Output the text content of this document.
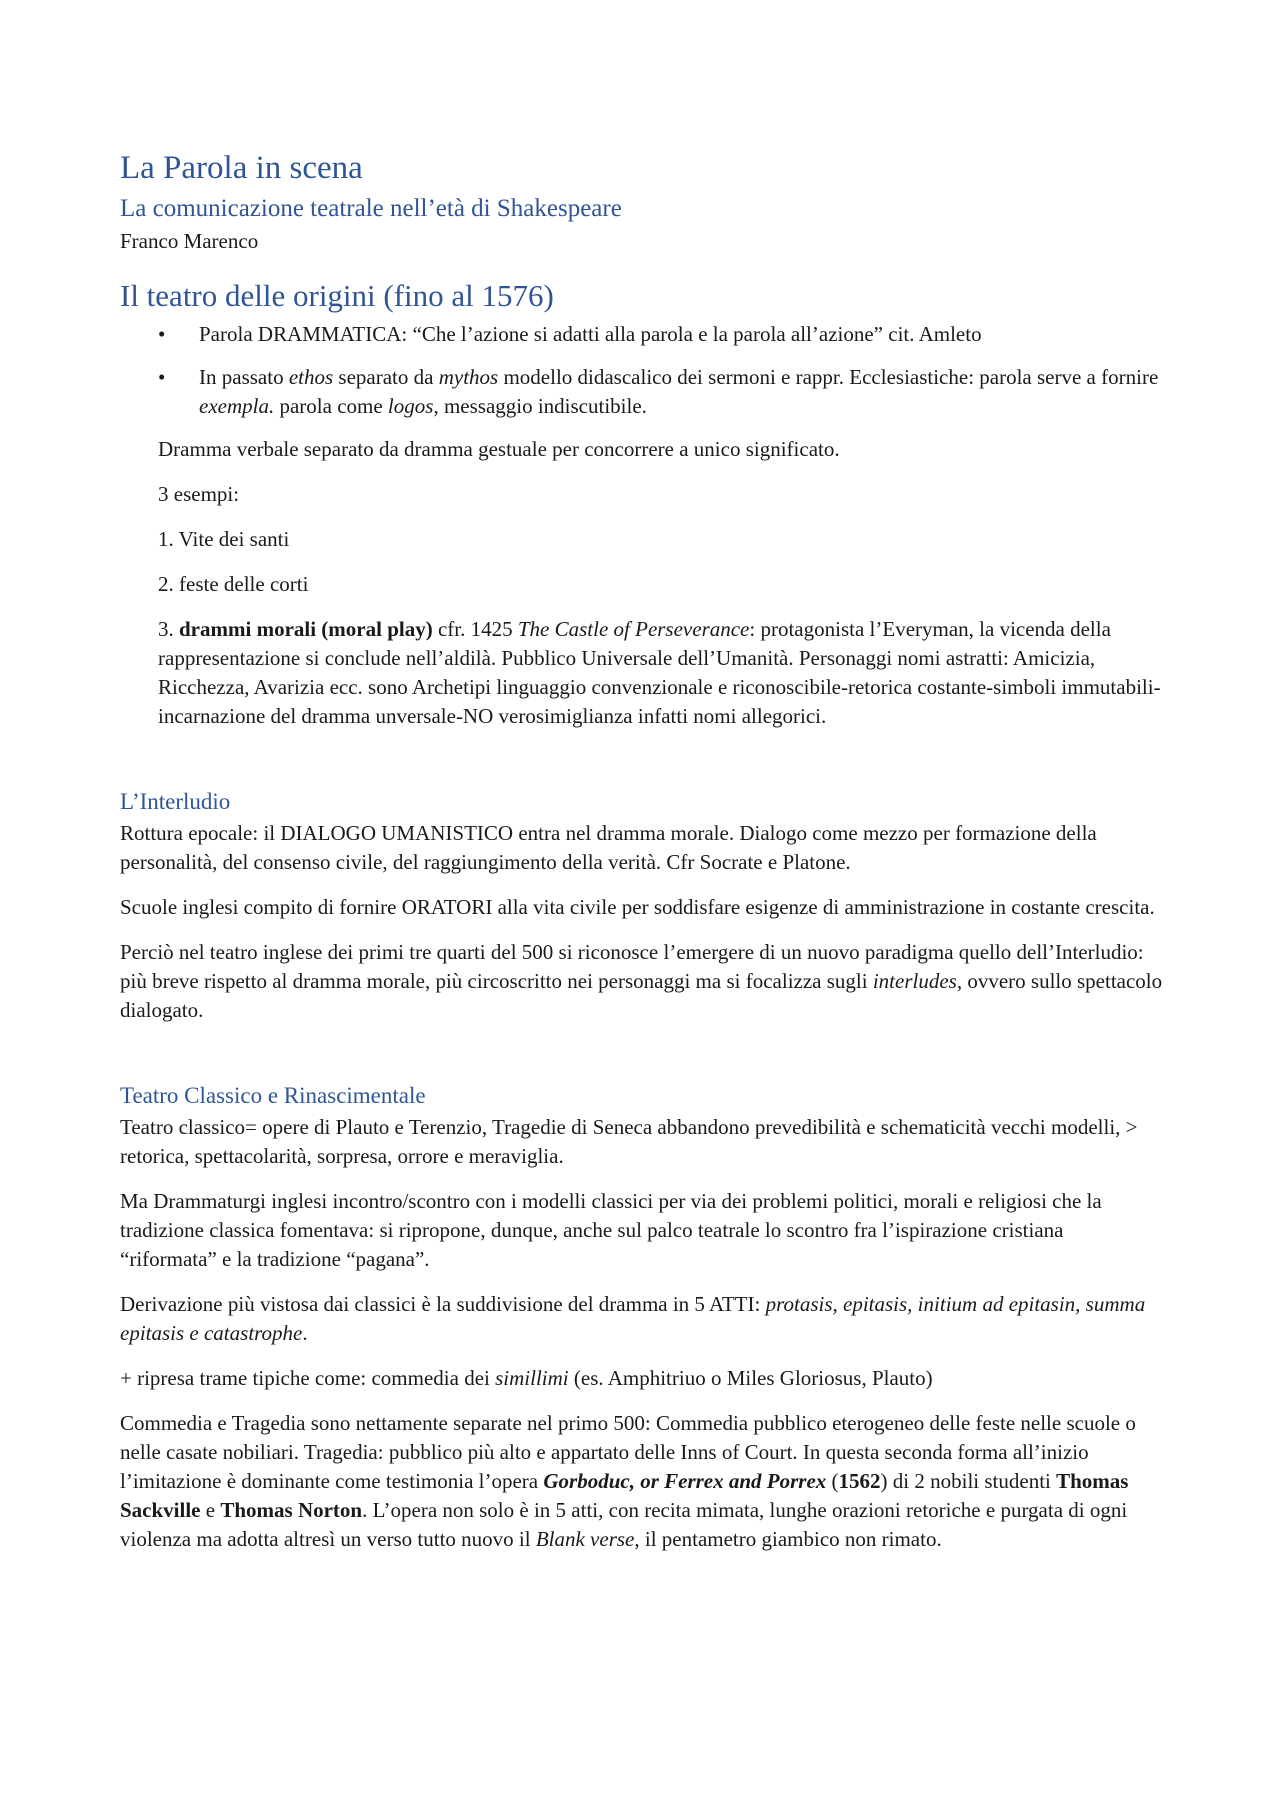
La Parola in scena
La comunicazione teatrale nell’età di Shakespeare
Franco Marenco
Il teatro delle origini (fino al 1576)
• Parola DRAMMATICA: “Che l’azione si adatti alla parola e la parola all’azione” cit. Amleto
• In passato ethos separato da mythos modello didascalico dei sermoni e rappr. Ecclesiastiche: parola serve a fornire exempla. parola come logos, messaggio indiscutibile.

Dramma verbale separato da dramma gestuale per concorrere a unico significato.

3 esempi:

1. Vite dei santi

2. feste delle corti

3. drammi morali (moral play) cfr. 1425 The Castle of Perseverance: protagonista l’Everyman, la vicenda della rappresentazione si conclude nell’aldilà. Pubblico Universale dell’Umanità. Personaggi nomi astratti: Amicizia, Ricchezza, Avarizia ecc. sono Archetipi linguaggio convenzionale e riconoscibile-retorica costante-simboli immutabili-incarnazione del dramma unversale-NO verosimiglianza infatti nomi allegorici.

L’Interludio

Rottura epocale: il DIALOGO UMANISTICO entra nel dramma morale. Dialogo come mezzo per formazione della personalità, del consenso civile, del raggiungimento della verità. Cfr Socrate e Platone.

Scuole inglesi compito di fornire ORATORI alla vita civile per soddisfare esigenze di amministrazione in costante crescita.

Perciò nel teatro inglese dei primi tre quarti del 500 si riconosce l’emergere di un nuovo paradigma quello dell’Interludio: più breve rispetto al dramma morale, più circoscritto nei personaggi ma si focalizza sugli interludes, ovvero sullo spettacolo dialogato.

Teatro Classico e Rinascimentale

Teatro classico= opere di Plauto e Terenzio, Tragedie di Seneca abbandono prevedibilità e schematicità vecchi modelli, > retorica, spettacolarità, sorpresa, orrore e meraviglia.

Ma Drammaturgi inglesi incontro/scontro con i modelli classici per via dei problemi politici, morali e religiosi che la tradizione classica fomentava: si ripropone, dunque, anche sul palco teatrale lo scontro fra l’ispirazione cristiana “riformata” e la tradizione “pagana”.

Derivazione più vistosa dai classici è la suddivisione del dramma in 5 ATTI: protasis, epitasis, initium ad epitasin, summa epitasis e catastrophe.

+ ripresa trame tipiche come: commedia dei simillimi (es. Amphitriuo o Miles Gloriosus, Plauto)

Commedia e Tragedia sono nettamente separate nel primo 500: Commedia pubblico eterogeneo delle feste nelle scuole o nelle casate nobiliari. Tragedia: pubblico più alto e appartato delle Inns of Court. In questa seconda forma all’inizio l’imitazione è dominante come testimonia l’opera Gorboduc, or Ferrex and Porrex (1562) di 2 nobili studenti Thomas Sackville e Thomas Norton. L’opera non solo è in 5 atti, con recita mimata, lunghe orazioni retoriche e purgata di ogni violenza ma adotta altresì un verso tutto nuovo il Blank verse, il pentametro giambico non rimato.
